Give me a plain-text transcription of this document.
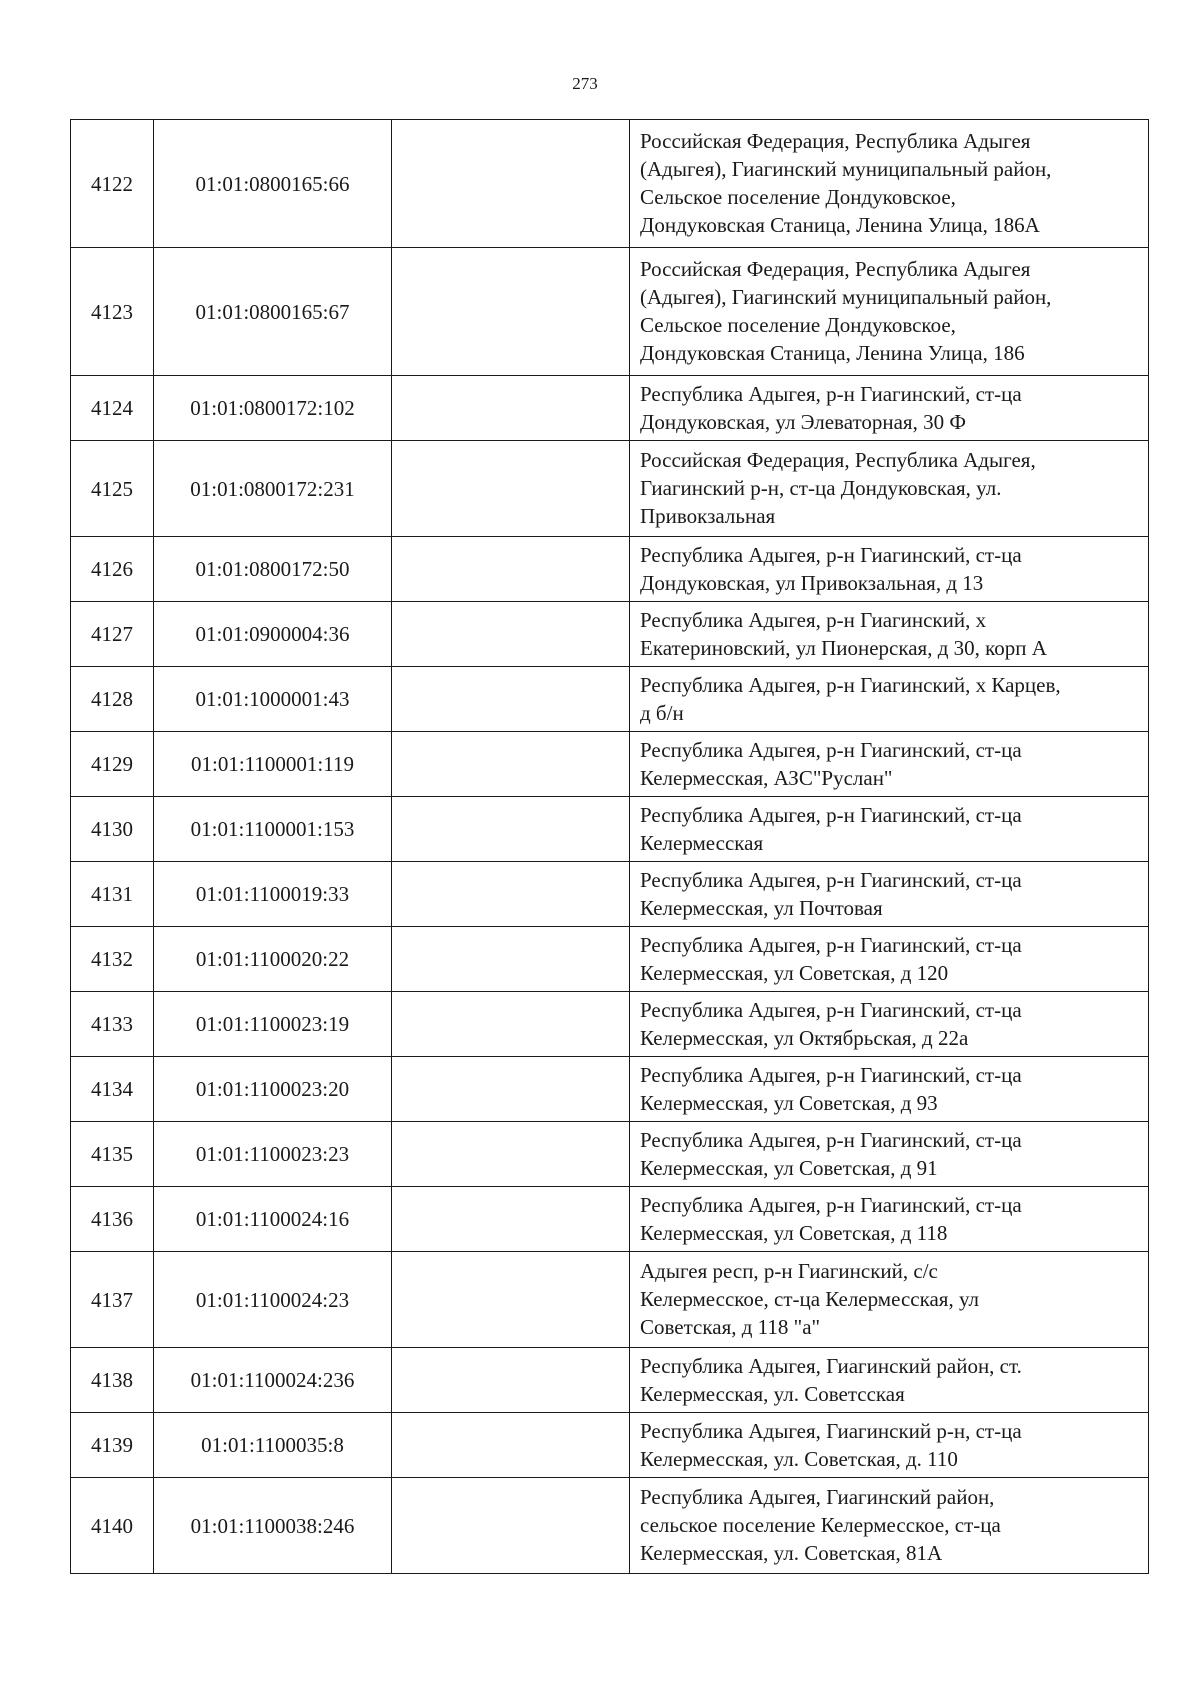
273
4122	01:01:0800165:66		Российская Федерация, Республика Адыгея
(Адыгея), Гиагинский муниципальный район,
Сельское поселение Дондуковское,
Дондуковская Станица, Ленина Улица, 186А
4123	01:01:0800165:67		Российская Федерация, Республика Адыгея
(Адыгея), Гиагинский муниципальный район,
Сельское поселение Дондуковское,
Дондуковская Станица, Ленина Улица, 186
4124	01:01:0800172:102		Республика Адыгея, р-н Гиагинский, ст-ца
Дондуковская, ул Элеваторная, 30 Ф
4125	01:01:0800172:231		Российская Федерация, Республика Адыгея,
Гиагинский р-н, ст-ца Дондуковская, ул.
Привокзальная
4126	01:01:0800172:50		Республика Адыгея, р-н Гиагинский, ст-ца
Дондуковская, ул Привокзальная, д 13
4127	01:01:0900004:36		Республика Адыгея, р-н Гиагинский, х
Екатериновский, ул Пионерская, д 30, корп А
4128	01:01:1000001:43		Республика Адыгея, р-н Гиагинский, х Карцев,
д б/н
4129	01:01:1100001:119		Республика Адыгея, р-н Гиагинский, ст-ца
Келермесская, АЗС"Руслан"
4130	01:01:1100001:153		Республика Адыгея, р-н Гиагинский, ст-ца
Келермесская
4131	01:01:1100019:33		Республика Адыгея, р-н Гиагинский, ст-ца
Келермесская, ул Почтовая
4132	01:01:1100020:22		Республика Адыгея, р-н Гиагинский, ст-ца
Келермесская, ул Советская, д 120
4133	01:01:1100023:19		Республика Адыгея, р-н Гиагинский, ст-ца
Келермесская, ул Октябрьская, д 22а
4134	01:01:1100023:20		Республика Адыгея, р-н Гиагинский, ст-ца
Келермесская, ул Советская, д 93
4135	01:01:1100023:23		Республика Адыгея, р-н Гиагинский, ст-ца
Келермесская, ул Советская, д 91
4136	01:01:1100024:16		Республика Адыгея, р-н Гиагинский, ст-ца
Келермесская, ул Советская, д 118
4137	01:01:1100024:23		Адыгея респ, р-н Гиагинский, с/с
Келермесское, ст-ца Келермесская, ул
Советская, д 118 "а"
4138	01:01:1100024:236		Республика Адыгея, Гиагинский район, ст.
Келермесская, ул. Советсская
4139	01:01:1100035:8		Республика Адыгея, Гиагинский р-н, ст-ца
Келермесская, ул. Советская, д. 110
4140	01:01:1100038:246		Республика Адыгея, Гиагинский район,
сельское поселение Келермесское, ст-ца
Келермесская, ул. Советская, 81А
